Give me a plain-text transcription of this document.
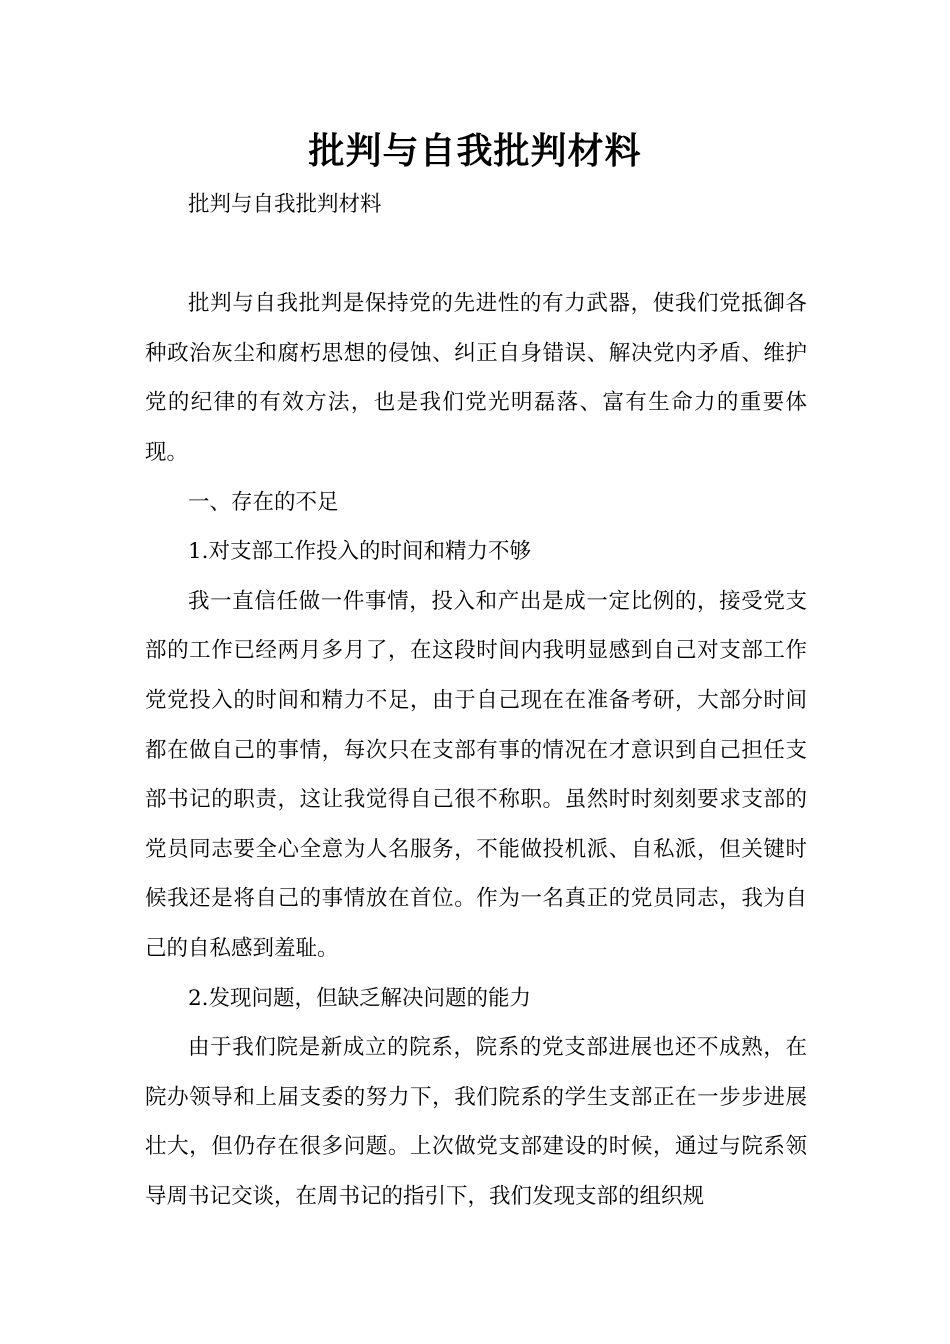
批判与自我批判材料

批判与自我批判材料

批判与自我批判是保持党的先进性的有力武器，使我们党抵御各种政治灰尘和腐朽思想的侵蚀、纠正自身错误、解决党内矛盾、维护党的纪律的有效方法，也是我们党光明磊落、富有生命力的重要体现。

一、存在的不足

1.对支部工作投入的时间和精力不够

我一直信任做一件事情，投入和产出是成一定比例的，接受党支部的工作已经两月多月了，在这段时间内我明显感到自己对支部工作党党投入的时间和精力不足，由于自己现在在准备考研，大部分时间都在做自己的事情，每次只在支部有事的情况在才意识到自己担任支部书记的职责，这让我觉得自己很不称职。虽然时时刻刻要求支部的党员同志要全心全意为人名服务，不能做投机派、自私派，但关键时候我还是将自己的事情放在首位。作为一名真正的党员同志，我为自己的自私感到羞耻。

2.发现问题，但缺乏解决问题的能力

由于我们院是新成立的院系，院系的党支部进展也还不成熟，在院办领导和上届支委的努力下，我们院系的学生支部正在一步步进展壮大，但仍存在很多问题。上次做党支部建设的时候，通过与院系领导周书记交谈，在周书记的指引下，我们发现支部的组织规
